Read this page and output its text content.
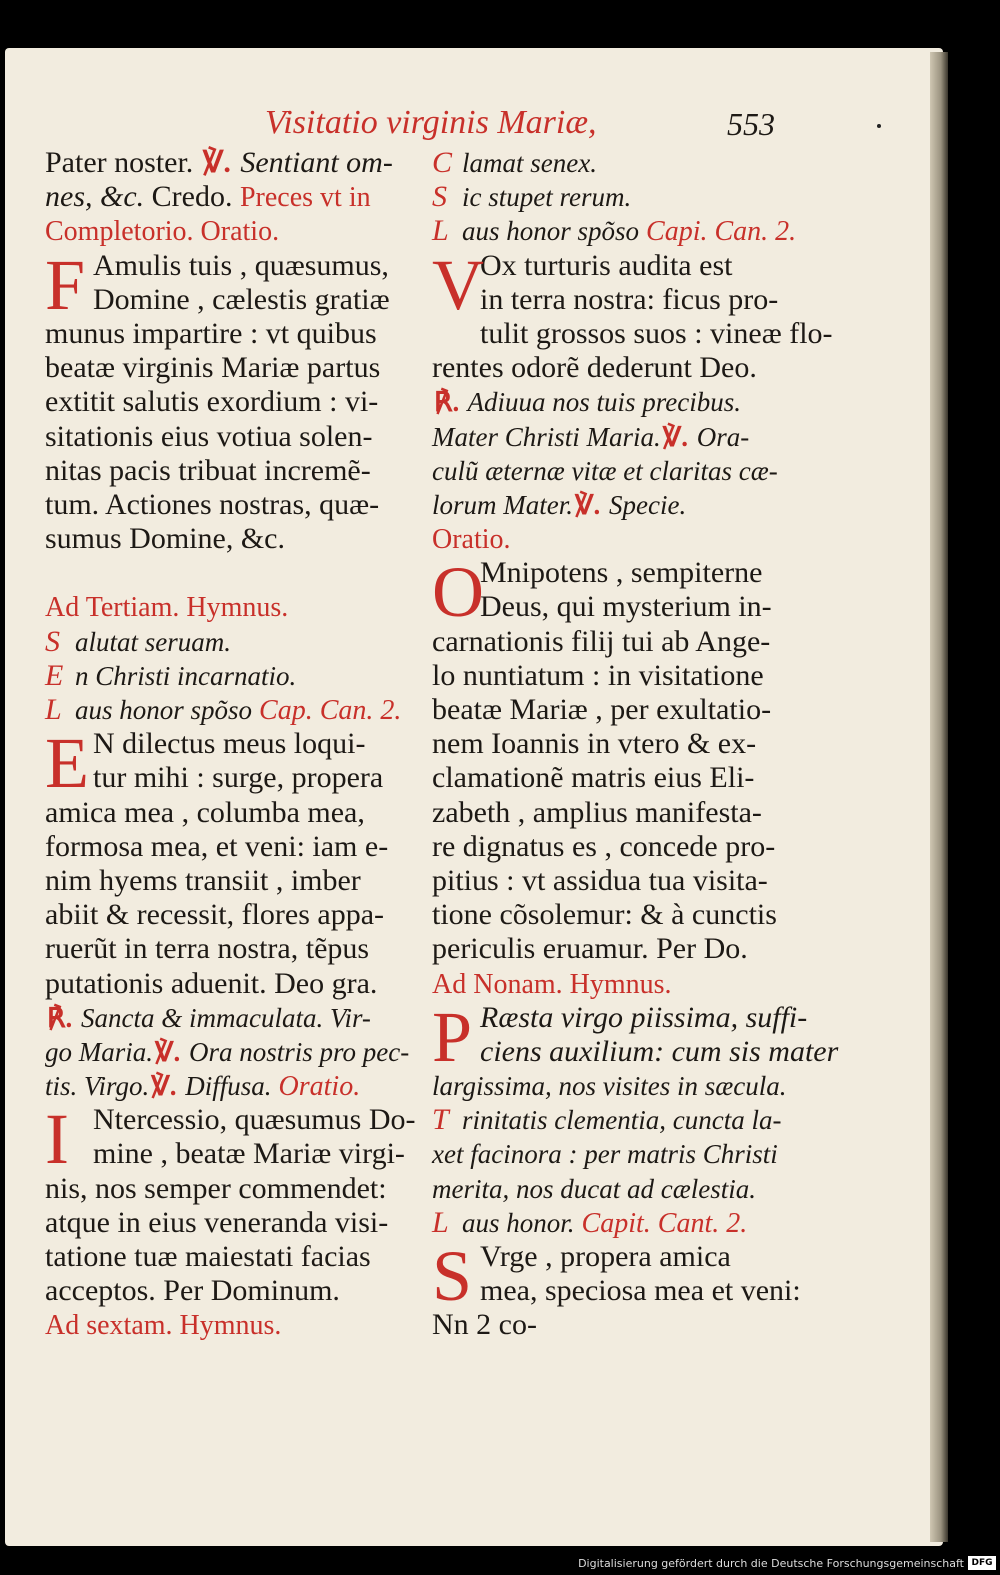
Visitatio virginis Mariæ,	553
Pater noster. ℣. Sentiant om-
nes, &c. Credo. Preces vt in
Completorio. Oratio.
F Amulis tuis , quæsumus,
Domine , cælestis gratiæ
munus impartire : vt quibus
beatæ virginis Mariæ partus
extitit salutis exordium : vi-
sitationis eius votiua solen-
nitas pacis tribuat incremẽ-
tum. Actiones nostras, quæ-
sumus Domine, &c.
Ad Tertiam. Hymnus.
S alutat seruam.
E n Christi incarnatio.
L aus honor spõso Cap. Can. 2.
E N dilectus meus loqui-
tur mihi : surge, propera
amica mea , columba mea,
formosa mea, et veni: iam e-
nim hyems transiit , imber
abiit & recessit, flores appa-
ruerũt in terra nostra, tẽpus
putationis aduenit. Deo gra.
℟. Sancta & immaculata. Vir-
go Maria.℣. Ora nostris pro pec-
tis. Virgo.℣. Diffusa. Oratio.
I Ntercessio, quæsumus Do-
mine , beatæ Mariæ virgi-
nis, nos semper commendet:
atque in eius veneranda visi-
tatione tuæ maiestati facias
acceptos. Per Dominum.
Ad sextam. Hymnus.
C lamat senex.
S ic stupet rerum.
L aus honor spõso Capi. Can. 2.
V
Ox turturis audita est
in terra nostra: ficus pro-
tulit grossos suos : vineæ flo-
rentes odorẽ dederunt Deo.
℟. Adiuua nos tuis precibus.
Mater Christi Maria.℣. Ora-
culũ æternæ vitæ et claritas cæ-
lorum Mater.℣. Specie.
Oratio.
O
Mnipotens , sempiterne
Deus, qui mysterium in-
carnationis filij tui ab Ange-
lo nuntiatum : in visitatione
beatæ Mariæ , per exultatio-
nem Ioannis in vtero & ex-
clamationẽ matris eius Eli-
zabeth , amplius manifesta-
re dignatus es , concede pro-
pitius : vt assidua tua visita-
tione cõsolemur: & à cunctis
periculis eruamur. Per Do.
Ad Nonam. Hymnus.
P Ræsta virgo piissima, suffi-
ciens auxilium: cum sis mater
largissima, nos visites in sæcula.
T rinitatis clementia, cuncta la-
xet facinora : per matris Christi
merita, nos ducat ad cælestia.
L aus honor. Capit. Cant. 2.
S Vrge , propera amica
mea, speciosa mea et veni:
Nn 2 co-
Digitalisierung gefördert durch die Deutsche Forschungsgemeinschaft DFG
